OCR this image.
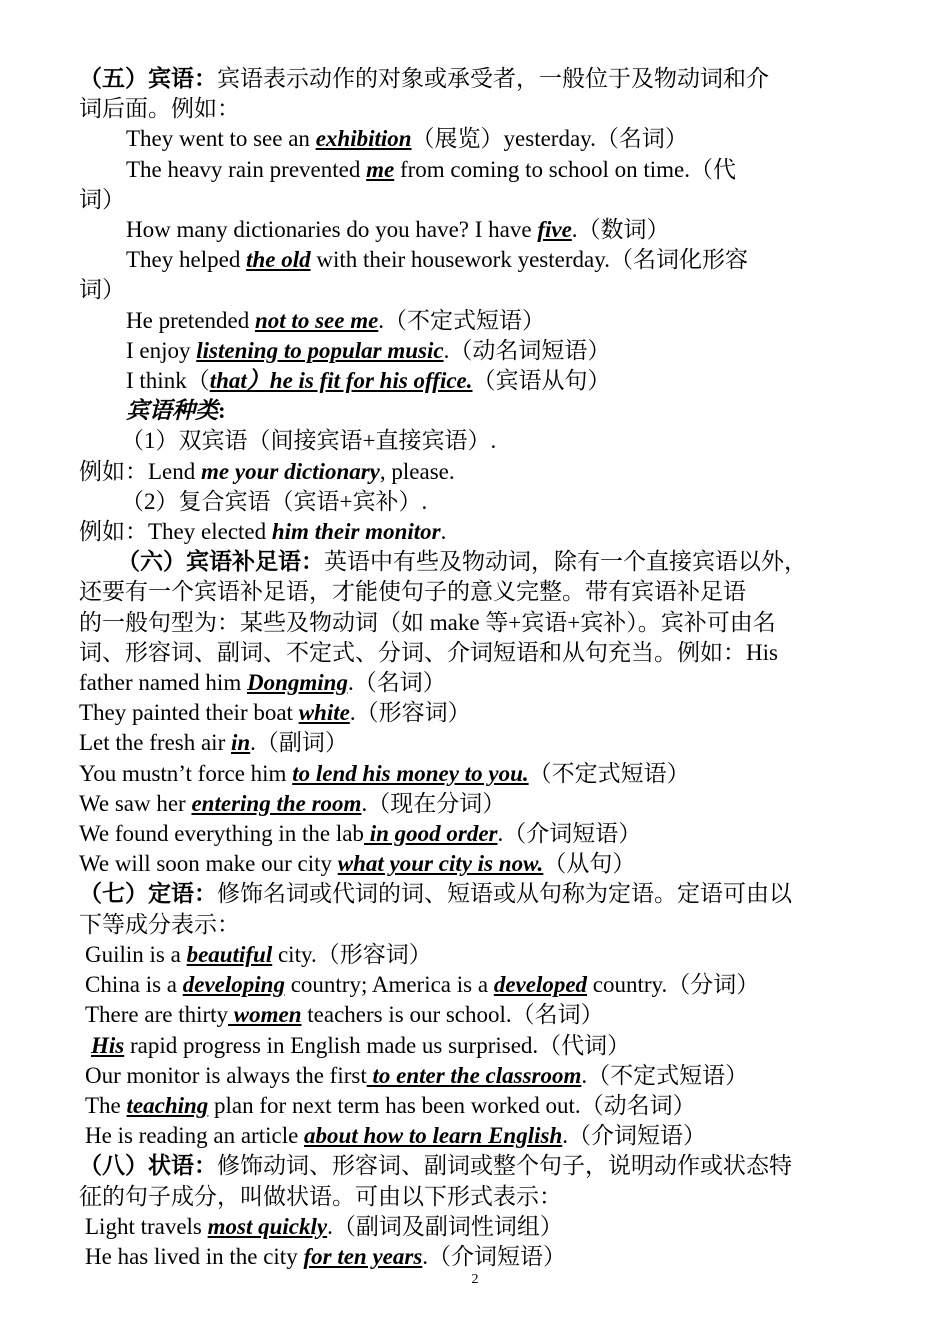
（五）宾语：宾语表示动作的对象或承受者，一般位于及物动词和介
词后面。例如：
They went to see an exhibition（展览）yesterday.（名词）
The heavy rain prevented me from coming to school on time.（代
词）
How many dictionaries do you have? I have five.（数词）
They helped the old with their housework yesterday.（名词化形容
词）
He pretended not to see me.（不定式短语）
I enjoy listening to popular music.（动名词短语）
I think（that）he is fit for his office.（宾语从句）
宾语种类:
（1）双宾语（间接宾语+直接宾语）.
例如：Lend me your dictionary, please.
（2）复合宾语（宾语+宾补）.
例如：They elected him their monitor.
（六）宾语补足语：英语中有些及物动词，除有一个直接宾语以外，
还要有一个宾语补足语，才能使句子的意义完整。带有宾语补足语
的一般句型为：某些及物动词（如 make 等+宾语+宾补）。宾补可由名
词、形容词、副词、不定式、分词、介词短语和从句充当。例如：His
father named him Dongming.（名词）
They painted their boat white.（形容词）
Let the fresh air in.（副词）
You mustn’t force him to lend his money to you.（不定式短语）
We saw her entering the room.（现在分词）
We found everything in the lab in good order.（介词短语）
We will soon make our city what your city is now.（从句）
（七）定语：修饰名词或代词的词、短语或从句称为定语。定语可由以
下等成分表示：
Guilin is a beautiful city.（形容词）
China is a developing country; America is a developed country.（分词）
There are thirty women teachers is our school.（名词）
His rapid progress in English made us surprised.（代词）
Our monitor is always the first to enter the classroom.（不定式短语）
The teaching plan for next term has been worked out.（动名词）
He is reading an article about how to learn English.（介词短语）
（八）状语：修饰动词、形容词、副词或整个句子，说明动作或状态特
征的句子成分，叫做状语。可由以下形式表示：
Light travels most quickly.（副词及副词性词组）
He has lived in the city for ten years.（介词短语）
2
